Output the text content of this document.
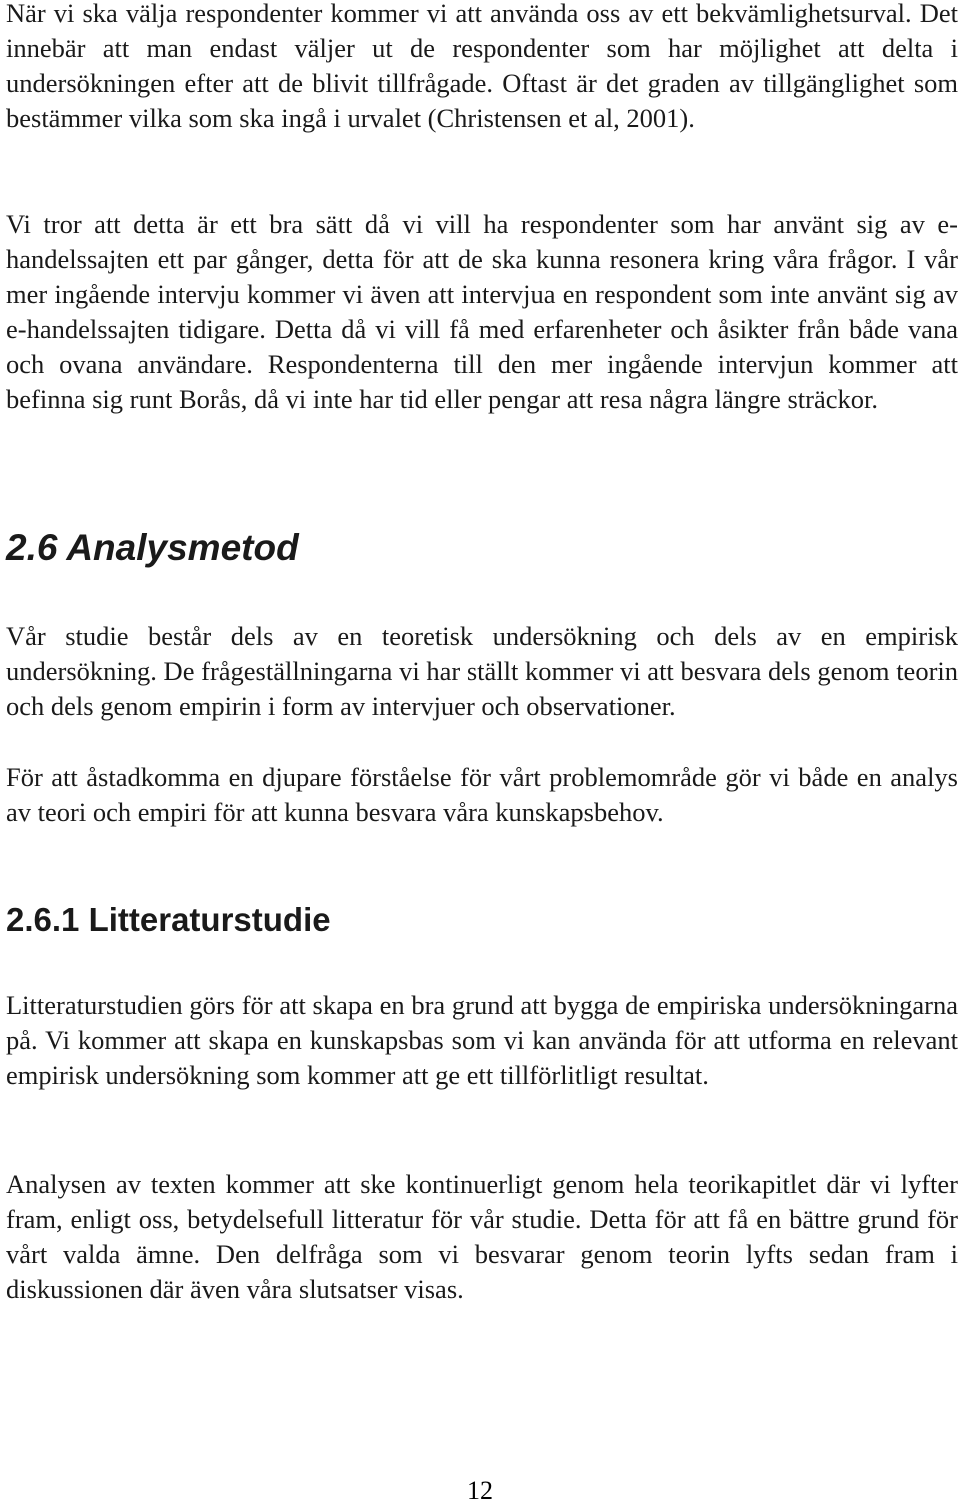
När vi ska välja respondenter kommer vi att använda oss av ett bekvämlighetsurval. Det innebär att man endast väljer ut de respondenter som har möjlighet att delta i undersökningen efter att de blivit tillfrågade. Oftast är det graden av tillgänglighet som bestämmer vilka som ska ingå i urvalet (Christensen et al, 2001).

Vi tror att detta är ett bra sätt då vi vill ha respondenter som har använt sig av e-handelssajten ett par gånger, detta för att de ska kunna resonera kring våra frågor. I vår mer ingående intervju kommer vi även att intervjua en respondent som inte använt sig av e-handelssajten tidigare. Detta då vi vill få med erfarenheter och åsikter från både vana och ovana användare. Respondenterna till den mer ingående intervjun kommer att befinna sig runt Borås, då vi inte har tid eller pengar att resa några längre sträckor.

2.6 Analysmetod

Vår studie består dels av en teoretisk undersökning och dels av en empirisk undersökning. De frågeställningarna vi har ställt kommer vi att besvara dels genom teorin och dels genom empirin i form av intervjuer och observationer.

För att åstadkomma en djupare förståelse för vårt problemområde gör vi både en analys av teori och empiri för att kunna besvara våra kunskapsbehov.

2.6.1 Litteraturstudie

Litteraturstudien görs för att skapa en bra grund att bygga de empiriska undersökningarna på. Vi kommer att skapa en kunskapsbas som vi kan använda för att utforma en relevant empirisk undersökning som kommer att ge ett tillförlitligt resultat.

Analysen av texten kommer att ske kontinuerligt genom hela teorikapitlet där vi lyfter fram, enligt oss, betydelsefull litteratur för vår studie. Detta för att få en bättre grund för vårt valda ämne. Den delfråga som vi besvarar genom teorin lyfts sedan fram i diskussionen där även våra slutsatser visas.

12
